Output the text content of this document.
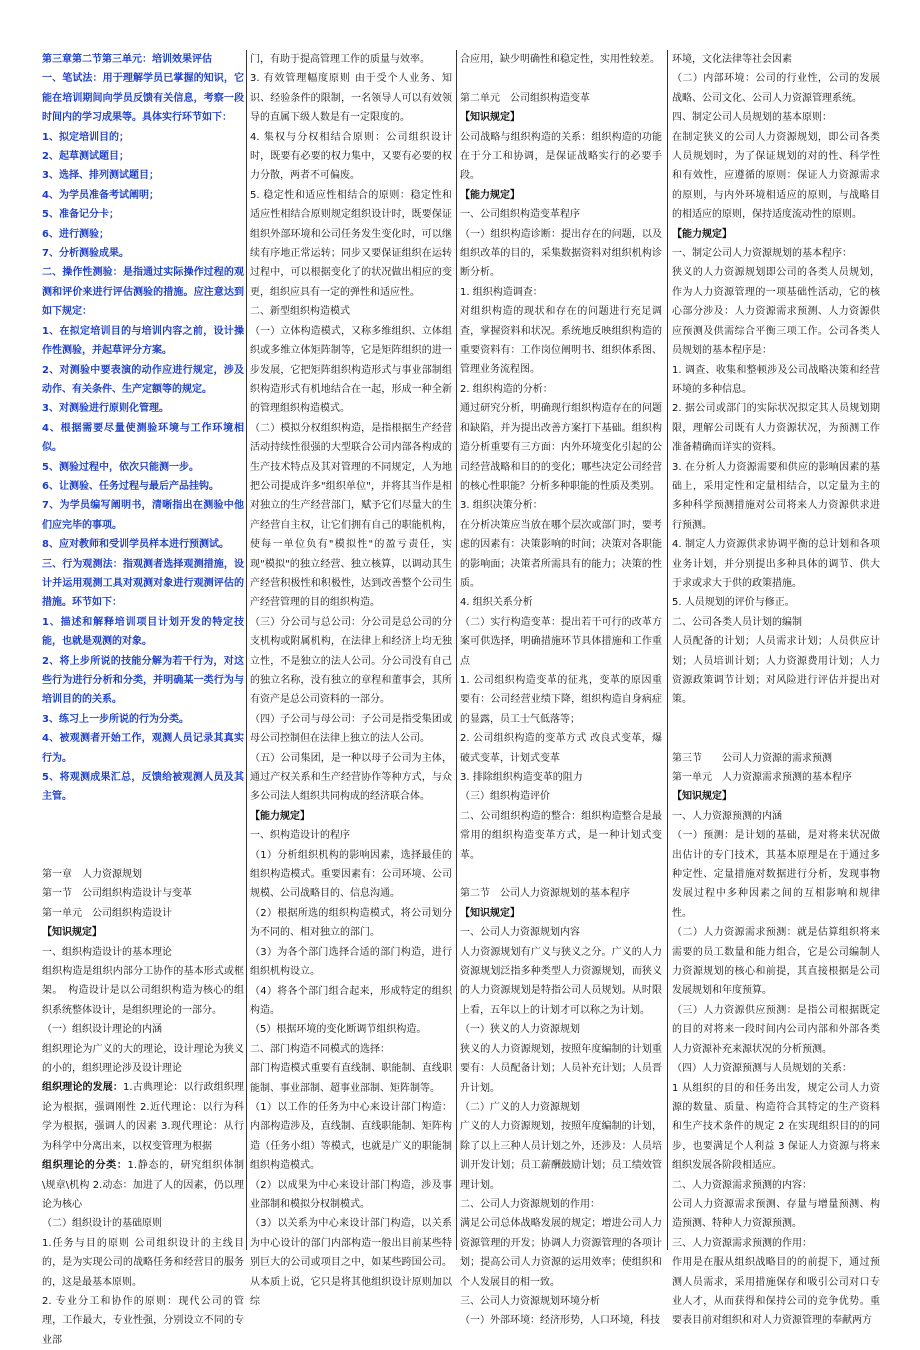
第三章第二节第三单元：培训效果评估

一、笔试法：用于理解学员已掌握的知识，它能在培训期间向学员反馈有关信息，考察一段时间内的学习成果等。具体实行环节如下：

1、拟定培训目的；

2、起草测试题目；

3、选择、排列测试题目；

4、为学员准备考试阐明；

5、准备记分卡；

6、进行测验；

7、分析测验成果。

二、操作性测验：是指通过实际操作过程的观测和评价来进行评估测验的措施。应注意达到如下规定：

1、在拟定培训目的与培训内容之前，设计操作性测验，并起草评分方案。

2、对测验中要表演的动作应进行规定，涉及动作、有关条件、生产定额等的规定。

3、对测验进行原则化管理。

4、根据需要尽量使测验环境与工作环境相似。

5、测验过程中，依次只能测一步。

6、让测验、任务过程与最后产品挂钩。

7、为学员编写阐明书，清晰指出在测验中他们应完毕的事项。

8、应对教师和受训学员样本进行预测试。

三、行为观测法：指观测者选择观测措施，设计并运用观测工具对观测对象进行观测评估的措施。环节如下：

1、描述和解释培训项目计划开发的特定技能，也就是观测的对象。

2、将上步所说的技能分解为若干行为，对这些行为进行分析和分类，并明确某一类行为与培训目的的关系。

3、练习上一步所说的行为分类。

4、被观测者开始工作，观测人员记录其真实行为。

5、将观测成果汇总，反馈给被观测人员及其主管。

第一章　人力资源规划

第一节　公司组织构造设计与变革

第一单元　公司组织构造设计

【知识规定】

一、组织构造设计的基本理论

组织构造是组织内部分工协作的基本形式或框架。　构造设计是以公司组织构造为核心的组织系统整体设计，是组织理论的一部分。

（一）组织设计理论的内涵

组织理论为广义的大的理论，设计理论为狭义的小的，组织理论涉及设计理论

组织理论的发展：1.古典理论：以行政组织理论为根据，强调刚性 2.近代理论：以行为科学为根据，强调人的因素 3.现代理论：从行为科学中分离出来，以权变管理为根据

组织理论的分类：1.静态的，研究组织体制\规章\机构 2.动态：加进了人的因素，仍以理论为核心

（二）组织设计的基础原则

1.任务与目的原则 公司组织设计的主线目的，是为实现公司的战略任务和经营目的服务的，这是最基本原则。

2. 专业分工和协作的原则：现代公司的管理，工作最大，专业性强，分别设立不同的专业部

门，有助于提高管理工作的质量与效率。

3. 有效管理幅度原则 由于受个人业务、知识、经验条件的限制，一名领导人可以有效领导的直属下级人数是有一定限度的。

4. 集权与分权相结合原则：公司组织设计时，既要有必要的权力集中，又要有必要的权力分散，两者不可偏废。

5. 稳定性和适应性相结合的原则：稳定性和适应性相结合原则规定组织设计时，既要保证组织外部环境和公司任务发生变化时，可以继续有序地正常运转；同步又要保证组织在运转过程中，可以根据变化了的状况做出相应的变更，组织应具有一定的弹性和适应性。

二、新型组织构造模式

（一）立体构造模式，又称多维组织、立体组织或多维立体矩阵制等，它是矩阵组织的进一步发展，它把矩阵组织构造形式与事业部制组织构造形式有机地结合在一起，形成一种全新的管理组织构造模式。

（二）模拟分权组织构造，是指根据生产经营活动持续性很强的大型联合公司内部各构成的生产技术特点及其对管理的不同规定，人为地把公司提成许多"组织单位"，并将其当作是相对独立的生产经营部门，赋予它们尽量大的生产经营自主权，让它们拥有自己的职能机构，使每一单位负有"模拟性"的盈亏责任，实现"模拟"的独立经营、独立核算，以调动其生产经营积极性和积极性，达到改善整个公司生产经营管理的目的组织构造。

（三）分公司与总公司：分公司是总公司的分支机构或附属机构，在法律上和经济上均无独立性，不是独立的法人公司。分公司没有自己的独立名称，没有独立的章程和董事会，其所有资产是总公司资料的一部分。

（四）子公司与母公司：子公司是指受集团或母公司控制但在法律上独立的法人公司。

（五）公司集团，是一种以母子公司为主体，通过产权关系和生产经营协作等种方式，与众多公司法人组织共同构成的经济联合体。

【能力规定】

一、织构造设计的程序

（1）分析组织机构的影响因素，选择最佳的组织构造模式。重要因素有：公司环境、公司规模、公司战略目的、信息沟通。

（2）根据所选的组织构造模式，将公司划分为不同的、相对独立的部门。

（3）为各个部门选择合适的部门构造，进行组织机构设立。

（4）将各个部门组合起来，形成特定的组织构造。

（5）根据环境的变化断调节组织构造。

二、部门构造不同模式的选择：

部门构造模式重要有直线制、职能制、直线职能制、事业部制、超事业部制、矩阵制等。

（1）以工作的任务为中心来设计部门构造：内部构造涉及，直线制、直线职能制、矩阵构造（任务小组）等模式，也就是广义的职能制组织构造模式。

（2）以成果为中心来设计部门构造，涉及事业部制和模拟分权制模式。

（3）以关系为中心来设计部门构造，以关系为中心设计的部门内部构造一般出目前某些特别巨大的公司或项目之中，如某些跨国公司。从本质上说，它只是将其他组织设计原则加以综

合应用，缺少明确性和稳定性，实用性较差。

第二单元　公司组织构造变革

【知识规定】

公司战略与组织构造的关系：组织构造的功能在于分工和协调，是保证战略实行的必要手段。

【能力规定】

一、公司组织构造变革程序

（一）组织构造诊断：提出存在的问题，以及组织改革的目的，采集数据资料对组织机构诊断分析。

1. 组织构造调查：

对组织构造的现状和存在的问题进行充足调查，掌握资料和状况。系统地反映组织构造的重要资料有：工作岗位阐明书、组织体系图、管理业务流程图。

2. 组织构造的分析：

通过研究分析，明确现行组织构造存在的问题和缺陷，并为提出改善方案打下基础。组织构造分析重要有三方面：内外环境变化引起的公司经营战略和目的的变化；哪些决定公司经营的核心性职能？分析多种职能的性质及类别。

3. 组织决策分析：

在分析决策应当放在哪个层次或部门时，要考虑的因素有：决策影响的时间；决策对各职能的影响面；决策者所需具有的能力；决策的性质。

4. 组织关系分析

（二）实行构造变革：提出若干可行的改革方案可供选择，明确措施环节具体措施和工作重点

1. 公司组织构造变革的征兆，变革的原因重要有：公司经营业绩下降，组织构造自身病症的显露，员工士气低落等；

2. 公司组织构造的变革方式 改良式变革，爆破式变革，计划式变革

3. 排除组织构造变革的阻力

（三）组织构造评价

二、公司组织构造的整合：组织构造整合是最常用的组织构造变革方式，是一种计划式变革。

第二节　公司人力资源规划的基本程序

【知识规定】

一、公司人力资源规划内容

人力资源规划有广义与狭义之分。广义的人力资源规划泛指多种类型人力资源规划，而狭义的人力资源规划是特指公司人员规划。从时限上看，五年以上的计划才可以称之为计划。

（一）狭义的人力资源规划

狭义的人力资源规划，按照年度编制的计划重要有：人员配备计划；人员补充计划；人员晋升计划。

（二）广义的人力资源规划

广义的人力资源规划，按照年度编制的计划，除了以上三种人员计划之外，还涉及：人员培训开发计划；员工薪酬鼓励计划；员工绩效管理计划。

二、公司人力资源规划的作用：

满足公司总体战略发展的规定；增进公司人力资源管理的开发；协调人力资源管理的各项计划；提高公司人力资源的运用效率；使组织和个人发展目的相一致。

三、公司人力资源规划环境分析

（一）外部环境：经济形势，人口环境，科技

环境，文化法律等社会因素

（二）内部环境：公司的行业性，公司的发展战略、公司文化、公司人力资源管理系统。

四、制定公司人员规划的基本原则：

在制定狭义的公司人力资源规划，即公司各类人员规划时，为了保证规划的对的性、科学性和有效性，应遵循的原则：保证人力资源需求的原则，与内外环境相适应的原则，与战略目的相适应的原则，保持适度流动性的原则。

【能力规定】

一、制定公司人力资源规划的基本程序：

狭义的人力资源规划即公司的各类人员规划，作为人力资源管理的一项基础性活动，它的核心部分涉及：人力资源需求预测、人力资源供应预测及供需综合平衡三项工作。公司各类人员规划的基本程序是：

1. 调查、收集和整顿涉及公司战略决策和经营环境的多种信息。

2. 据公司或部门的实际状况拟定其人员规划期限，理解公司既有人力资源状况，为预测工作准备精确而详实的资料。

3. 在分析人力资源需要和供应的影响因素的基础上，采用定性和定量相结合，以定量为主的多种科学预测措施对公司将来人力资源供求进行预测。

4. 制定人力资源供求协调平衡的总计划和各项业务计划，并分别提出多种具体的调节、供大于求或求大于供的政策措施。

5. 人员规划的评价与修正。

二、公司各类人员计划的编制

人员配备的计划；人员需求计划；人员供应计划；人员培训计划；人力资源费用计划；人力资源政策调节计划；对风险进行评估并提出对策。

第三节　　公司人力资源的需求预测

第一单元　人力资源需求预测的基本程序

【知识规定】

一、人力资源预测的内涵

（一）预测：是计划的基础，是对将来状况做出估计的专门技术，其基本原理是在于通过多种定性、定量措施对数据进行分析，发现事物发展过程中多种因素之间的互相影响和规律性。

（二）人力资源需求预测：就是估算组织将来需要的员工数量和能力组合，它是公司编制人力资源规划的核心和前提，其直接根据是公司发展规划和年度预算。

（三）人力资源供应预测：是指公司根据既定的目的对将来一段时间内公司内部和外部各类人力资源补充来源状况的分析预测。

（四）人力资源预测与人员规划的关系：

1 从组织的目的和任务出发，规定公司人力资源的数量、质量、构造符合其特定的生产资料和生产技术条件的规定 2 在实现组织目的的同步，也要满足个人利益 3 保证人力资源与将来组织发展各阶段相适应。

二、人力资源需求预测的内容：

公司人力资源需求预测、存量与增量预测、构造预测、特种人力资源预测。

三、人力资源需求预测的作用：

作用是在服从组织战略目的的前提下，通过预测人员需求，采用措施保存和吸引公司对口专业人才，从而获得和保持公司的竞争优势。重要表目前对组织和对人力资源管理的奉献两方
